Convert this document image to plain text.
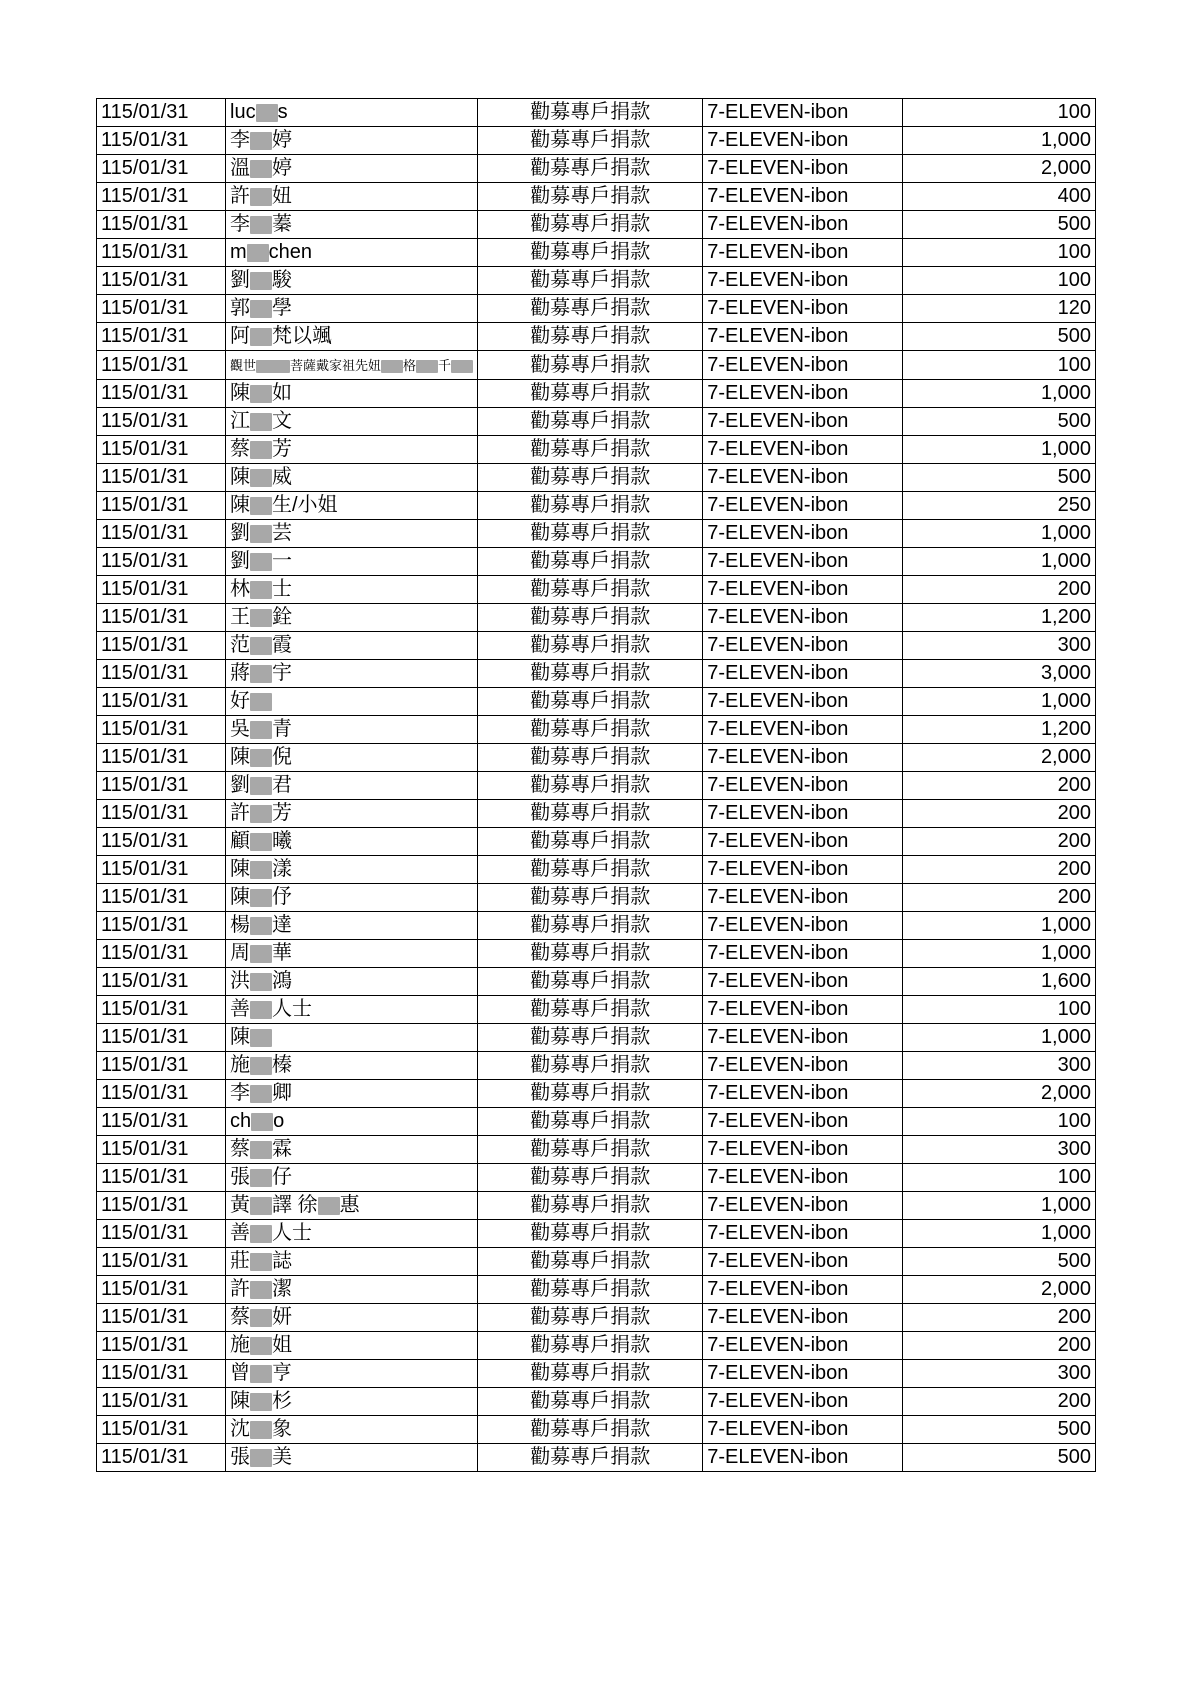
115/01/31	luc s	勸募專戶捐款	7-ELEVEN-ibon	100
115/01/31	李 婷	勸募專戶捐款	7-ELEVEN-ibon	1,000
115/01/31	溫 婷	勸募專戶捐款	7-ELEVEN-ibon	2,000
115/01/31	許 妞	勸募專戶捐款	7-ELEVEN-ibon	400
115/01/31	李 蓁	勸募專戶捐款	7-ELEVEN-ibon	500
115/01/31	m chen	勸募專戶捐款	7-ELEVEN-ibon	100
115/01/31	劉 駿	勸募專戶捐款	7-ELEVEN-ibon	100
115/01/31	郭 學	勸募專戶捐款	7-ELEVEN-ibon	120
115/01/31	阿 梵以颯	勸募專戶捐款	7-ELEVEN-ibon	500
115/01/31	觀世 菩薩戴家祖先妞 格 千	勸募專戶捐款	7-ELEVEN-ibon	100
115/01/31	陳 如	勸募專戶捐款	7-ELEVEN-ibon	1,000
115/01/31	江 文	勸募專戶捐款	7-ELEVEN-ibon	500
115/01/31	蔡 芳	勸募專戶捐款	7-ELEVEN-ibon	1,000
115/01/31	陳 威	勸募專戶捐款	7-ELEVEN-ibon	500
115/01/31	陳 生/小姐	勸募專戶捐款	7-ELEVEN-ibon	250
115/01/31	劉 芸	勸募專戶捐款	7-ELEVEN-ibon	1,000
115/01/31	劉 一	勸募專戶捐款	7-ELEVEN-ibon	1,000
115/01/31	林 士	勸募專戶捐款	7-ELEVEN-ibon	200
115/01/31	王 銓	勸募專戶捐款	7-ELEVEN-ibon	1,200
115/01/31	范 霞	勸募專戶捐款	7-ELEVEN-ibon	300
115/01/31	蔣 宇	勸募專戶捐款	7-ELEVEN-ibon	3,000
115/01/31	好	勸募專戶捐款	7-ELEVEN-ibon	1,000
115/01/31	吳 青	勸募專戶捐款	7-ELEVEN-ibon	1,200
115/01/31	陳 倪	勸募專戶捐款	7-ELEVEN-ibon	2,000
115/01/31	劉 君	勸募專戶捐款	7-ELEVEN-ibon	200
115/01/31	許 芳	勸募專戶捐款	7-ELEVEN-ibon	200
115/01/31	顧 曦	勸募專戶捐款	7-ELEVEN-ibon	200
115/01/31	陳 漾	勸募專戶捐款	7-ELEVEN-ibon	200
115/01/31	陳 伃	勸募專戶捐款	7-ELEVEN-ibon	200
115/01/31	楊 達	勸募專戶捐款	7-ELEVEN-ibon	1,000
115/01/31	周 華	勸募專戶捐款	7-ELEVEN-ibon	1,000
115/01/31	洪 鴻	勸募專戶捐款	7-ELEVEN-ibon	1,600
115/01/31	善 人士	勸募專戶捐款	7-ELEVEN-ibon	100
115/01/31	陳	勸募專戶捐款	7-ELEVEN-ibon	1,000
115/01/31	施 榛	勸募專戶捐款	7-ELEVEN-ibon	300
115/01/31	李 卿	勸募專戶捐款	7-ELEVEN-ibon	2,000
115/01/31	ch o	勸募專戶捐款	7-ELEVEN-ibon	100
115/01/31	蔡 霖	勸募專戶捐款	7-ELEVEN-ibon	300
115/01/31	張 仔	勸募專戶捐款	7-ELEVEN-ibon	100
115/01/31	黃 譯 徐 惠	勸募專戶捐款	7-ELEVEN-ibon	1,000
115/01/31	善 人士	勸募專戶捐款	7-ELEVEN-ibon	1,000
115/01/31	莊 誌	勸募專戶捐款	7-ELEVEN-ibon	500
115/01/31	許 潔	勸募專戶捐款	7-ELEVEN-ibon	2,000
115/01/31	蔡 妍	勸募專戶捐款	7-ELEVEN-ibon	200
115/01/31	施 姐	勸募專戶捐款	7-ELEVEN-ibon	200
115/01/31	曾 亨	勸募專戶捐款	7-ELEVEN-ibon	300
115/01/31	陳 杉	勸募專戶捐款	7-ELEVEN-ibon	200
115/01/31	沈 象	勸募專戶捐款	7-ELEVEN-ibon	500
115/01/31	張 美	勸募專戶捐款	7-ELEVEN-ibon	500
